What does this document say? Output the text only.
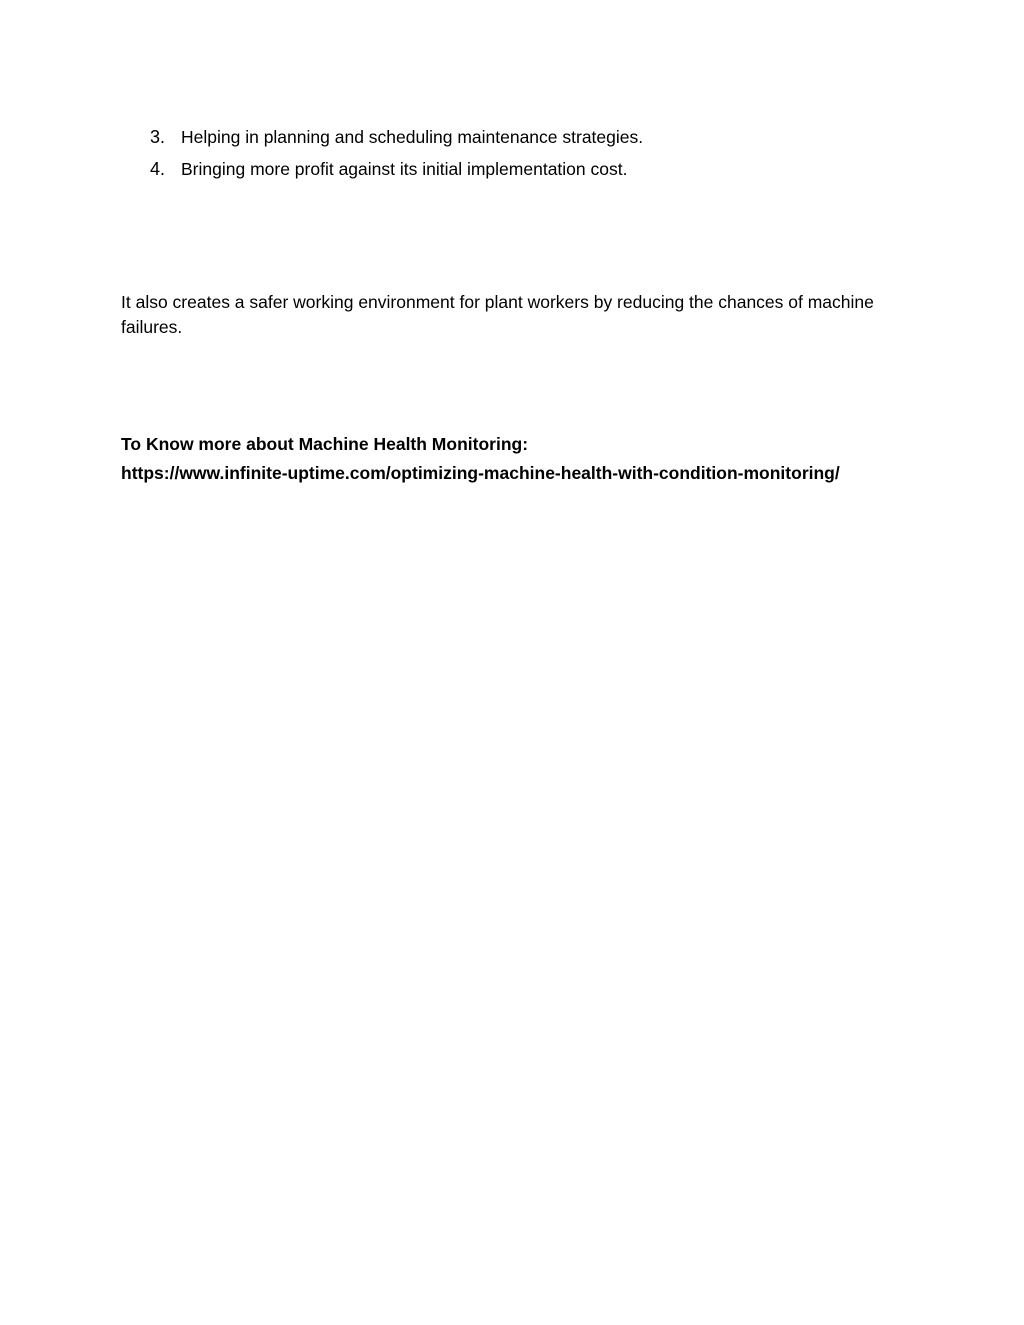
3. Helping in planning and scheduling maintenance strategies.
4. Bringing more profit against its initial implementation cost.

It also creates a safer working environment for plant workers by reducing the chances of machine failures.

To Know more about Machine Health Monitoring:

https://www.infinite-uptime.com/optimizing-machine-health-with-condition-monitoring/
